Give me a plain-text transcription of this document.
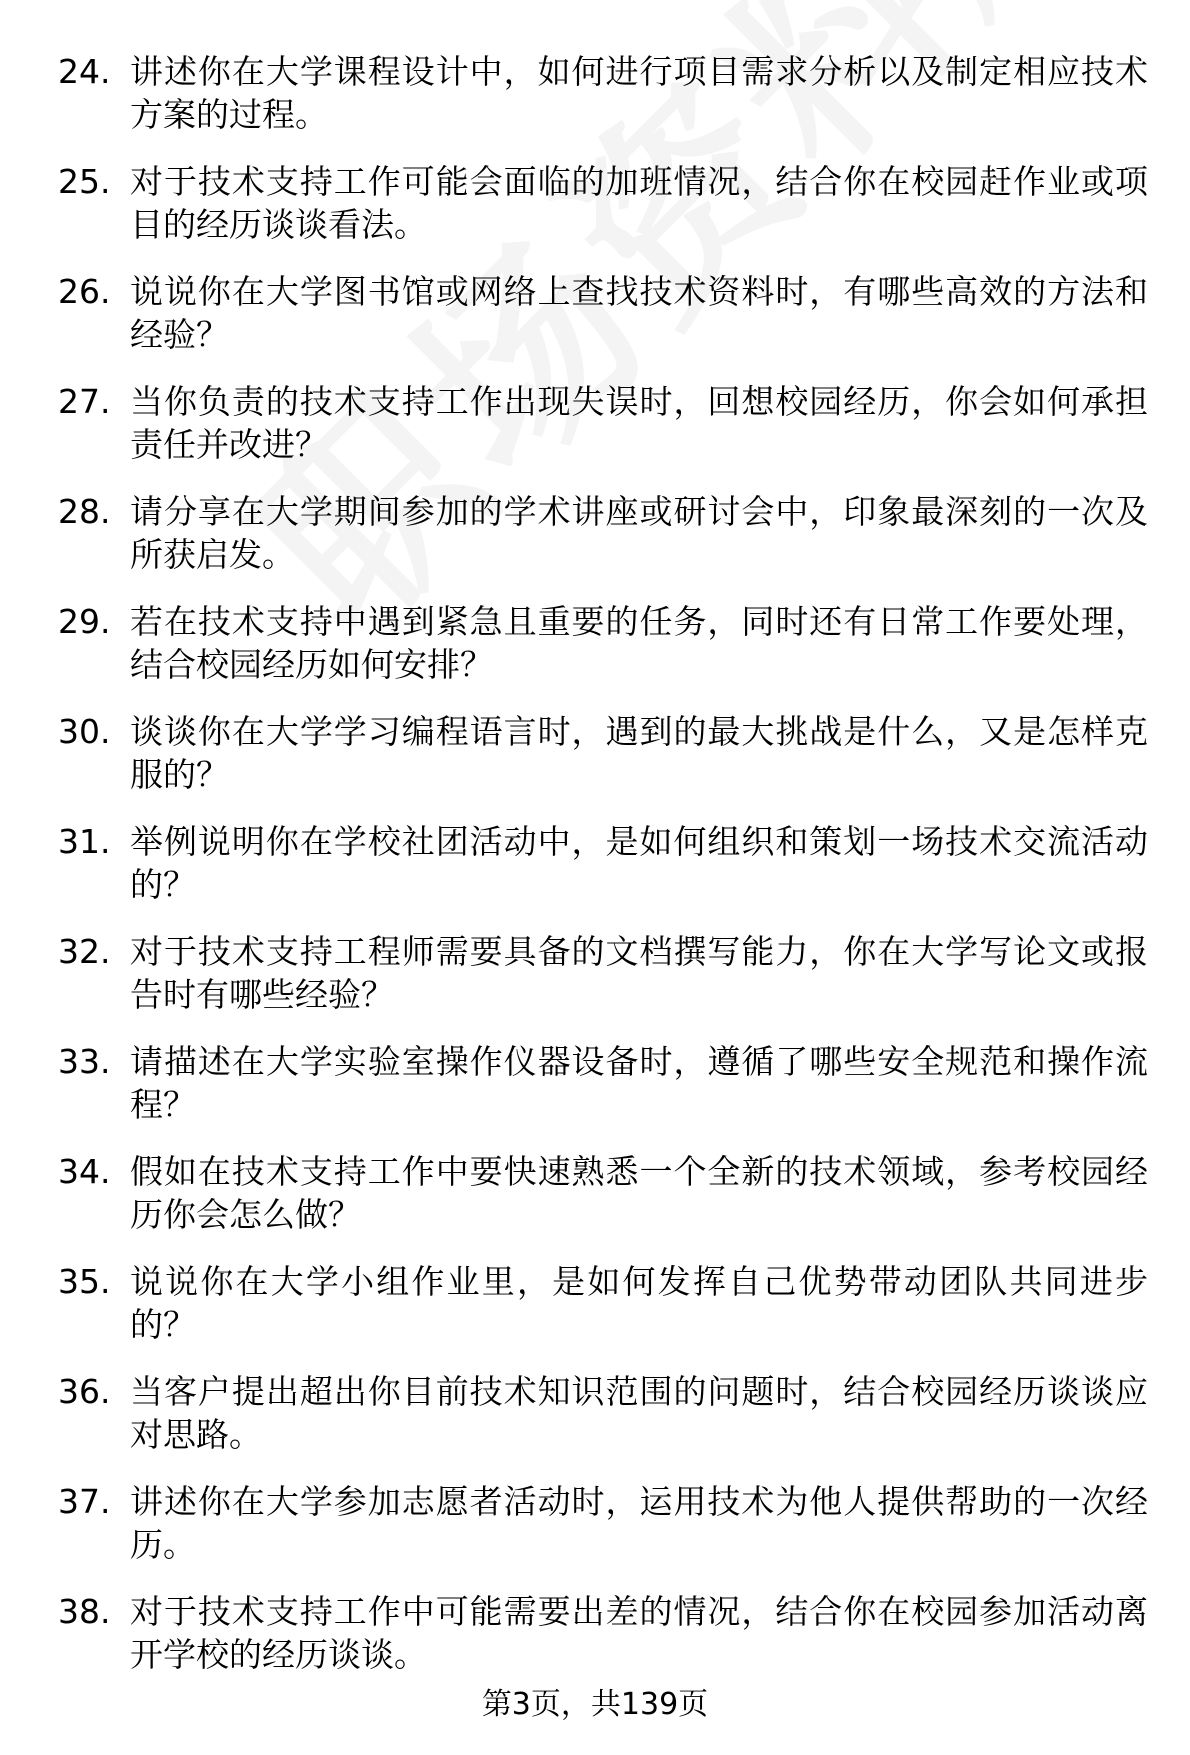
24. 讲述你在大学课程设计中，如何进行项目需求分析以及制定相应技术方案的过程。
25. 对于技术支持工作可能会面临的加班情况，结合你在校园赶作业或项目的经历谈谈看法。
26. 说说你在大学图书馆或网络上查找技术资料时，有哪些高效的方法和经验？
27. 当你负责的技术支持工作出现失误时，回想校园经历，你会如何承担责任并改进？
28. 请分享在大学期间参加的学术讲座或研讨会中，印象最深刻的一次及所获启发。
29. 若在技术支持中遇到紧急且重要的任务，同时还有日常工作要处理，结合校园经历如何安排？
30. 谈谈你在大学学习编程语言时，遇到的最大挑战是什么，又是怎样克服的？
31. 举例说明你在学校社团活动中，是如何组织和策划一场技术交流活动的？
32. 对于技术支持工程师需要具备的文档撰写能力，你在大学写论文或报告时有哪些经验？
33. 请描述在大学实验室操作仪器设备时，遵循了哪些安全规范和操作流程？
34. 假如在技术支持工作中要快速熟悉一个全新的技术领域，参考校园经历你会怎么做？
35. 说说你在大学小组作业里，是如何发挥自己优势带动团队共同进步的？
36. 当客户提出超出你目前技术知识范围的问题时，结合校园经历谈谈应对思路。
37. 讲述你在大学参加志愿者活动时，运用技术为他人提供帮助的一次经历。
38. 对于技术支持工作中可能需要出差的情况，结合你在校园参加活动离开学校的经历谈谈。
第3页，共139页
